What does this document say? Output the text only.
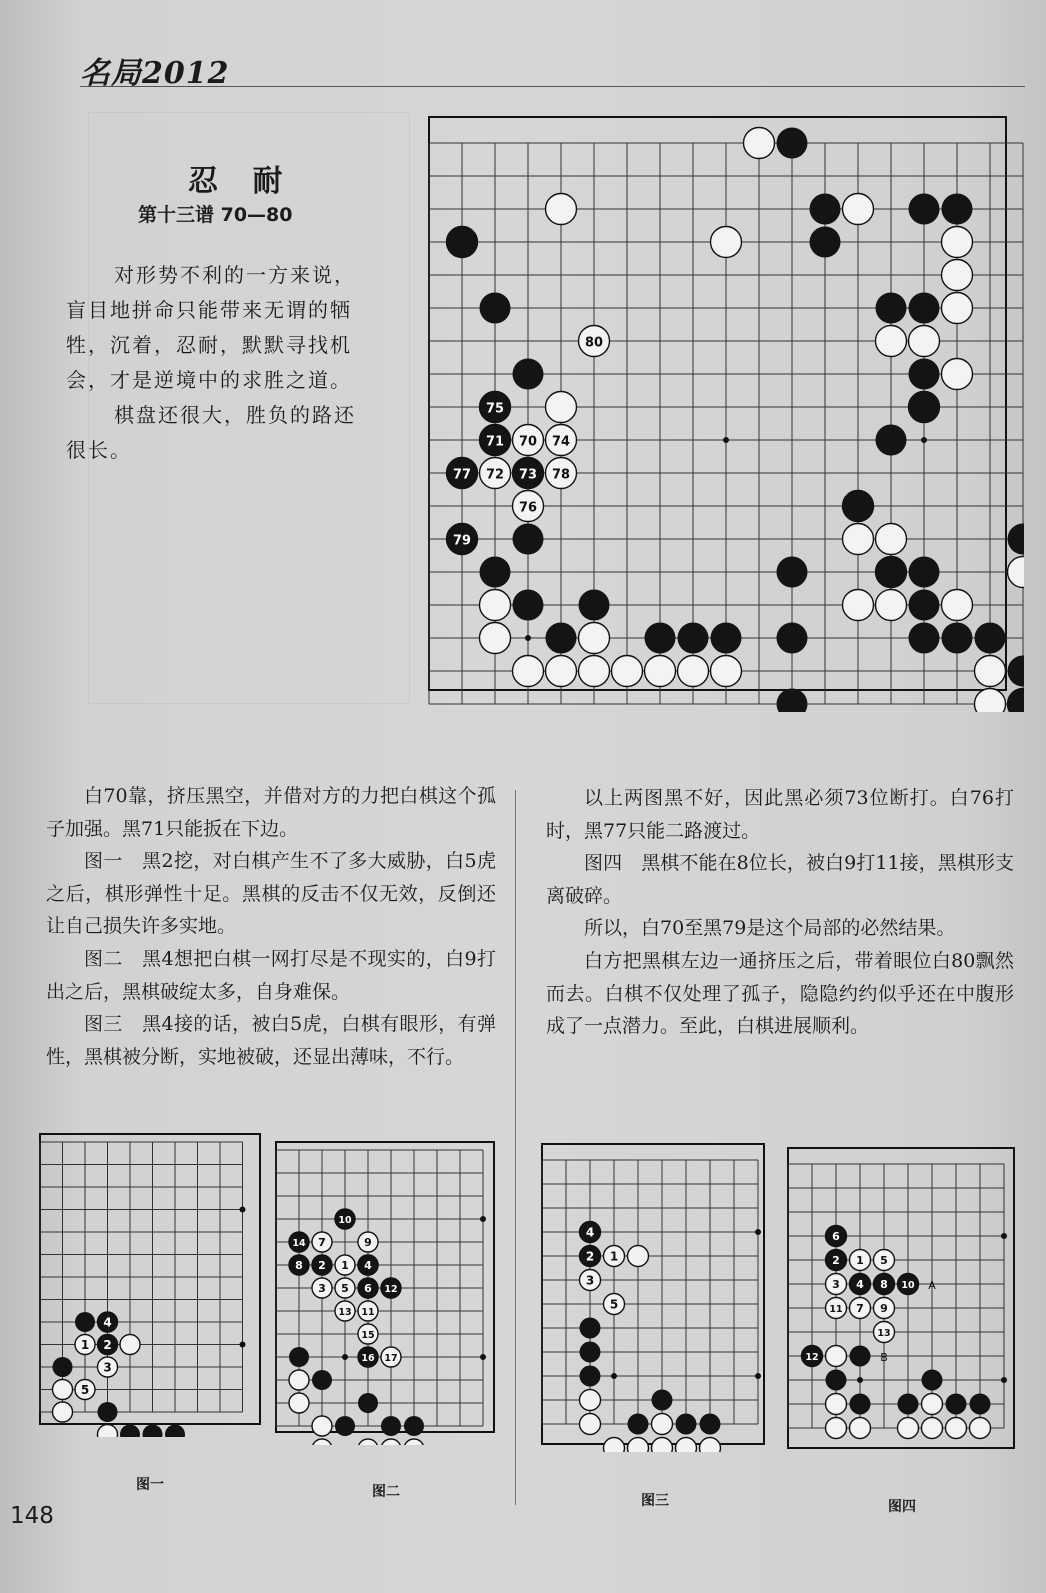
名局2012
忍 耐
第十三谱 70—80

对形势不利的一方来说，盲目地拼命只能带来无谓的牺牲，沉着，忍耐，默默寻找机会，才是逆境中的求胜之道。

棋盘还很大，胜负的路还很长。

80
75
71 70 74
77 72 73 78
76
79

白70靠，挤压黑空，并借对方的力把白棋这个孤子加强。黑71只能扳在下边。

图一　黑2挖，对白棋产生不了多大威胁，白5虎之后，棋形弹性十足。黑棋的反击不仅无效，反倒还让自己损失许多实地。

图二　黑4想把白棋一网打尽是不现实的，白9打出之后，黑棋破绽太多，自身难保。

图三　黑4接的话，被白5虎，白棋有眼形，有弹性，黑棋被分断，实地被破，还显出薄味，不行。

以上两图黑不好，因此黑必须73位断打。白76打时，黑77只能二路渡过。

图四　黑棋不能在8位长，被白9打11接，黑棋形支离破碎。

所以，白70至黑79是这个局部的必然结果。

白方把黑棋左边一通挤压之后，带着眼位白80飘然而去。白棋不仅处理了孤子，隐隐约约似乎还在中腹形成了一点潜力。至此，白棋进展顺利。

4
1 2
3
5
10
14 7	9
8 2 1 4
3 5 6 12
13 11
15
16 17
4
2 1
3
5
6
2 1 5
3 4 8 10
11 7 9
13
12
A
B
图一	图二
图三	图四
148
